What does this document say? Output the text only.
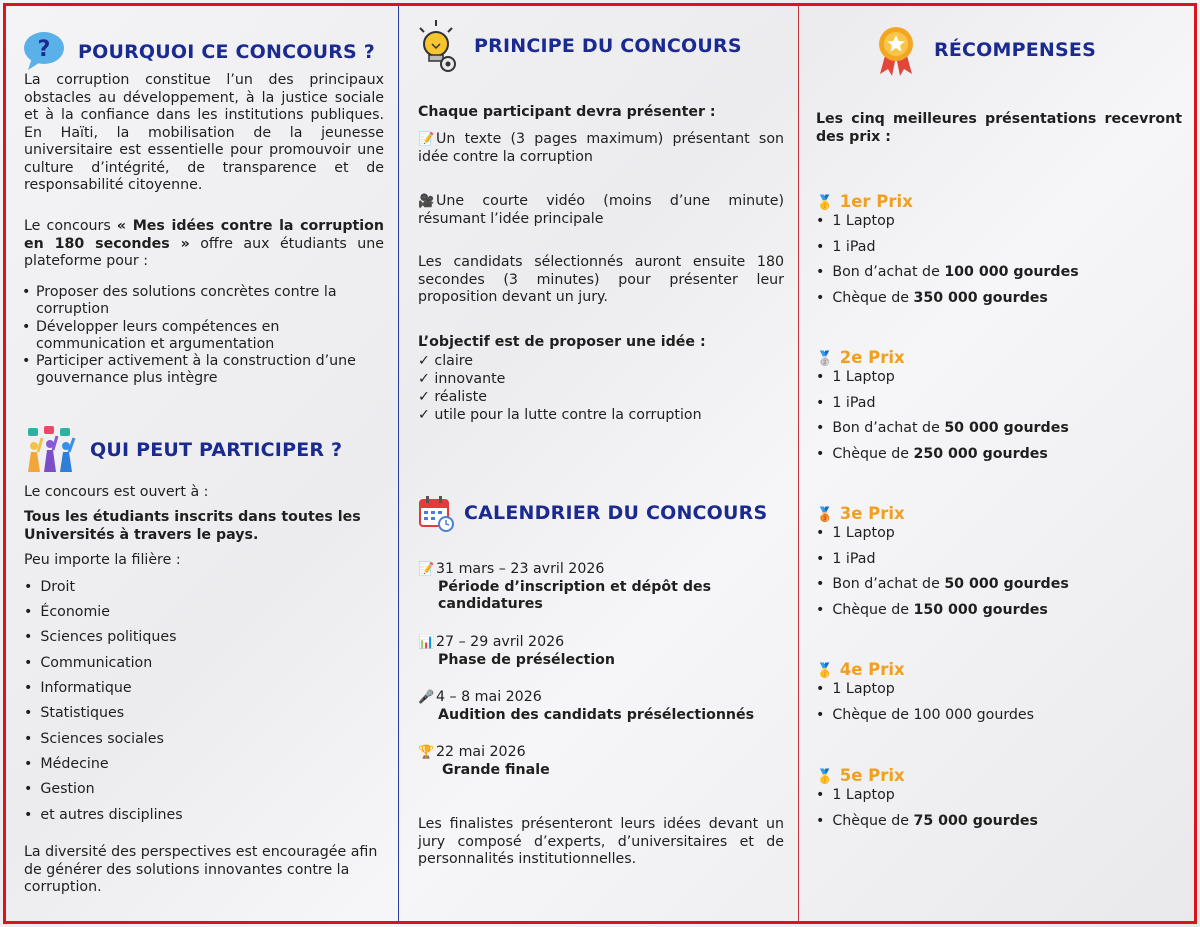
? POURQUOI CE CONCOURS ?
La corruption constitue l’un des principaux obstacles au développement, à la justice sociale et à la confiance dans les institutions publiques. En Haïti, la mobilisation de la jeunesse universitaire est essentielle pour promouvoir une culture d’intégrité, de transparence et de responsabilité citoyenne.
Le concours « Mes idées contre la corruption en 180 secondes » offre aux étudiants une plateforme pour :
• Proposer des solutions concrètes contre la corruption
• Développer leurs compétences en communication et argumentation
• Participer activement à la construction d’une gouvernance plus intègre
QUI PEUT PARTICIPER ?
Le concours est ouvert à :
Tous les étudiants inscrits dans toutes les Universités à travers le pays.
Peu importe la filière :
• Droit
• Économie
• Sciences politiques
• Communication
• Informatique
• Statistiques
• Sciences sociales
• Médecine
• Gestion
• et autres disciplines
La diversité des perspectives est encouragée afin de générer des solutions innovantes contre la corruption.
PRINCIPE DU CONCOURS
Chaque participant devra présenter :
📝 Un texte (3 pages maximum) présentant son idée contre la corruption
🎥 Une courte vidéo (moins d’une minute) résumant l’idée principale
Les candidats sélectionnés auront ensuite 180 secondes (3 minutes) pour présenter leur proposition devant un jury.
L’objectif est de proposer une idée :
✓ claire
✓ innovante
✓ réaliste
✓ utile pour la lutte contre la corruption
CALENDRIER DU CONCOURS
📝 31 mars – 23 avril 2026
Période d’inscription et dépôt des candidatures
📊 27 – 29 avril 2026
Phase de présélection
🎤 4 – 8 mai 2026
Audition des candidats présélectionnés
🏆 22 mai 2026
Grande finale
Les finalistes présenteront leurs idées devant un jury composé d’experts, d’universitaires et de personnalités institutionnelles.
RÉCOMPENSES
Les cinq meilleures présentations recevront des prix :
🥇 1er Prix
• 1 Laptop
• 1 iPad
• Bon d’achat de 100 000 gourdes
• Chèque de 350 000 gourdes
🥈 2e Prix
• 1 Laptop
• 1 iPad
• Bon d’achat de 50 000 gourdes
• Chèque de 250 000 gourdes
🥉 3e Prix
• 1 Laptop
• 1 iPad
• Bon d’achat de 50 000 gourdes
• Chèque de 150 000 gourdes
🥇 4e Prix
• 1 Laptop
• Chèque de 100 000 gourdes
🥇 5e Prix
• 1 Laptop
• Chèque de 75 000 gourdes
